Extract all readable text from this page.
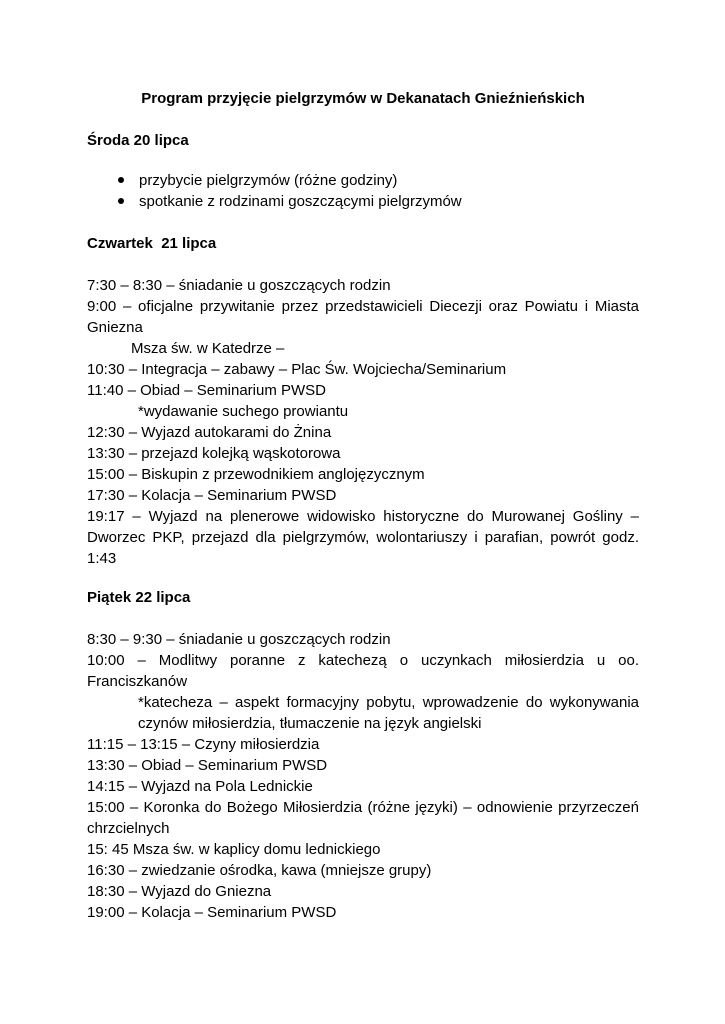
Program przyjęcie pielgrzymów w Dekanatach Gnieźnieńskich
Środa 20 lipca
przybycie pielgrzymów (różne godziny)
spotkanie z rodzinami goszczącymi pielgrzymów
Czwartek  21 lipca
7:30 – 8:30 – śniadanie u goszczących rodzin
9:00 – oficjalne przywitanie przez przedstawicieli Diecezji oraz Powiatu i Miasta Gniezna
Msza św. w Katedrze –
10:30 – Integracja – zabawy – Plac Św. Wojciecha/Seminarium
11:40 – Obiad – Seminarium PWSD
*wydawanie suchego prowiantu
12:30 – Wyjazd autokarami do Żnina
13:30 – przejazd kolejką wąskotorowa
15:00 – Biskupin z przewodnikiem anglojęzycznym
17:30 – Kolacja – Seminarium PWSD
19:17 – Wyjazd na plenerowe widowisko historyczne do Murowanej Gośliny – Dworzec PKP, przejazd dla pielgrzymów, wolontariuszy i parafian, powrót godz. 1:43
Piątek 22 lipca
8:30 – 9:30 – śniadanie u goszczących rodzin
10:00 – Modlitwy poranne z katechezą o uczynkach miłosierdzia u oo. Franciszkanów
*katecheza – aspekt formacyjny pobytu, wprowadzenie do wykonywania czynów miłosierdzia, tłumaczenie na język angielski
11:15 – 13:15 – Czyny miłosierdzia
13:30 – Obiad – Seminarium PWSD
14:15 – Wyjazd na Pola Lednickie
15:00 – Koronka do Bożego Miłosierdzia (różne języki) – odnowienie przyrzeczeń chrzcielnych
15: 45 Msza św. w kaplicy domu lednickiego
16:30 – zwiedzanie ośrodka, kawa (mniejsze grupy)
18:30 – Wyjazd do Gniezna
19:00 – Kolacja – Seminarium PWSD
